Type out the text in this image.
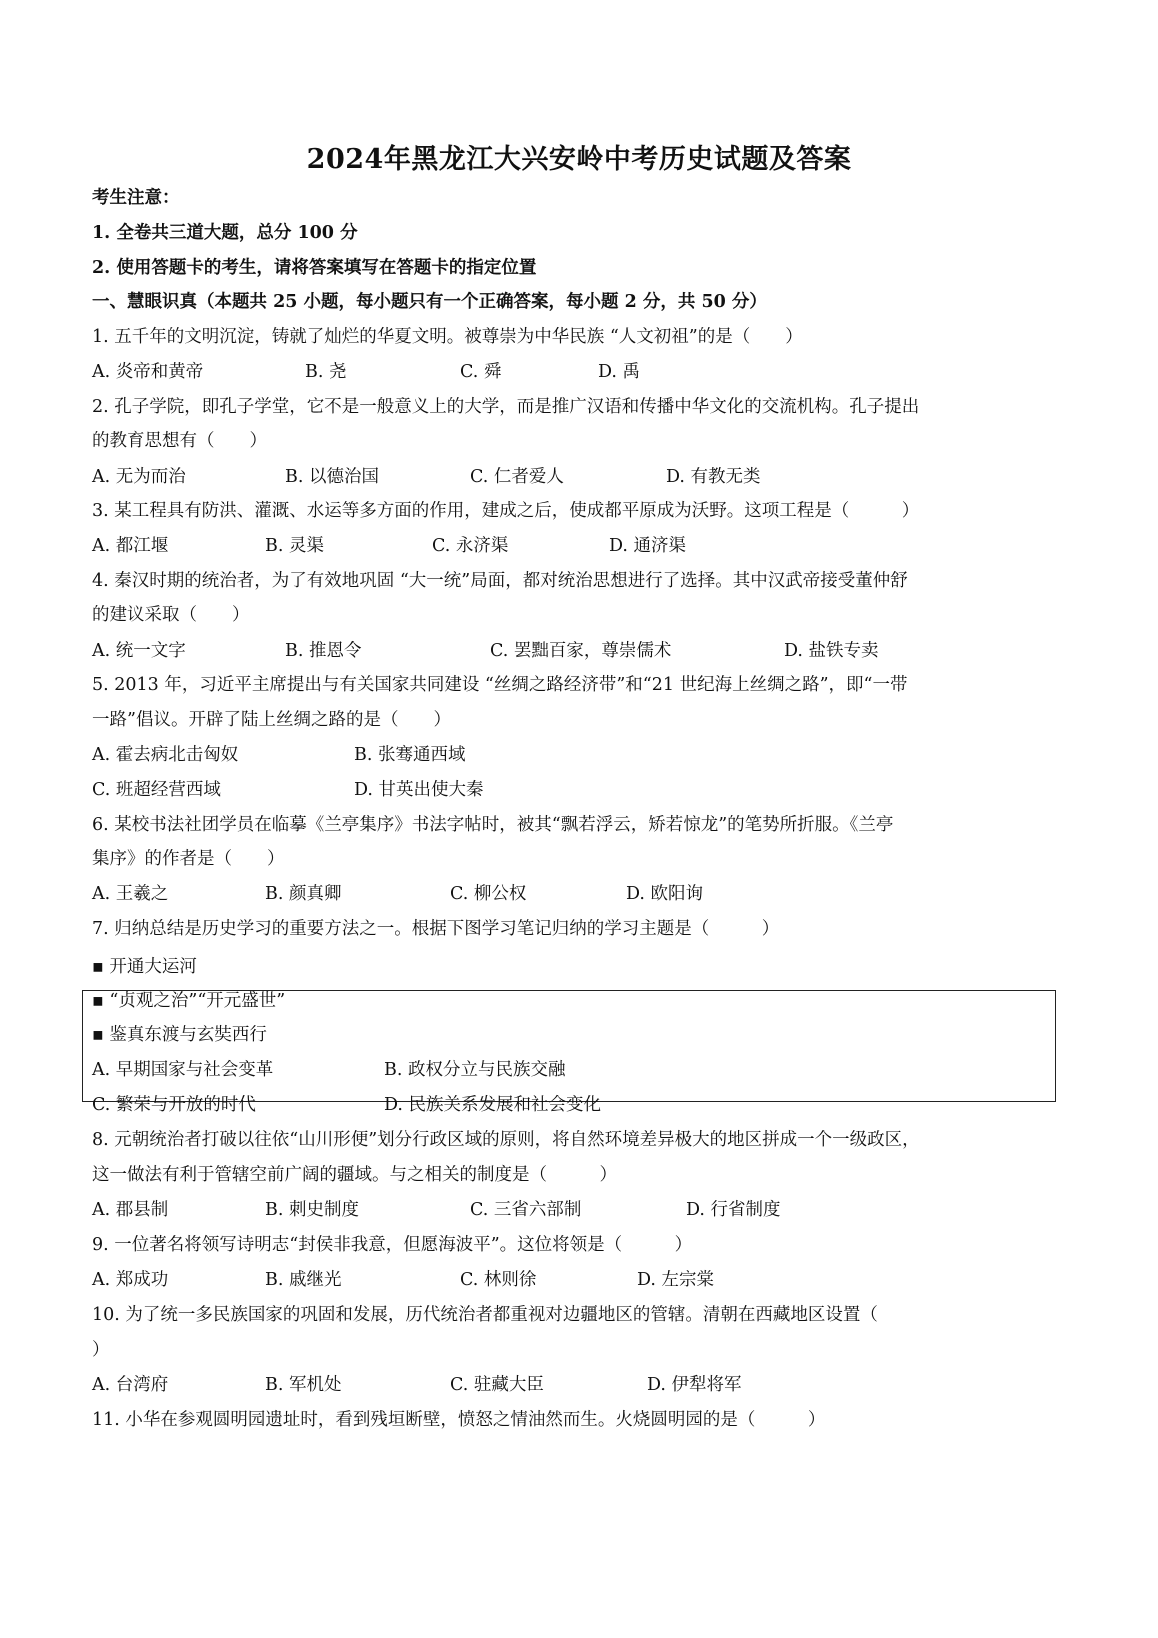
2024年黑龙江大兴安岭中考历史试题及答案
考生注意：
1. 全卷共三道大题，总分 100 分
2. 使用答题卡的考生，请将答案填写在答题卡的指定位置
一、慧眼识真（本题共 25 小题，每小题只有一个正确答案，每小题 2 分，共 50 分）
1. 五千年的文明沉淀，铸就了灿烂的华夏文明。被尊崇为中华民族 “人文初祖”的是（　　）
A. 炎帝和黄帝	B. 尧	C. 舜	D. 禹
2. 孔子学院，即孔子学堂，它不是一般意义上的大学，而是推广汉语和传播中华文化的交流机构。孔子提出
的教育思想有（　　）
A. 无为而治	B. 以德治国	C. 仁者爱人	D. 有教无类
3. 某工程具有防洪、灌溉、水运等多方面的作用，建成之后，使成都平原成为沃野。这项工程是（　　　）
A. 都江堰	B. 灵渠	C. 永济渠	D. 通济渠
4. 秦汉时期的统治者，为了有效地巩固 “大一统”局面，都对统治思想进行了选择。其中汉武帝接受董仲舒
的建议采取（　　）
A. 统一文字	B. 推恩令	C. 罢黜百家，尊崇儒术	D. 盐铁专卖
5. 2013 年，习近平主席提出与有关国家共同建设 “丝绸之路经济带”和“21 世纪海上丝绸之路”，即“一带
一路”倡议。开辟了陆上丝绸之路的是（　　）
A. 霍去病北击匈奴	B. 张骞通西域
C. 班超经营西域	D. 甘英出使大秦
6. 某校书法社团学员在临摹《兰亭集序》书法字帖时，被其“飘若浮云，矫若惊龙”的笔势所折服。《兰亭
集序》的作者是（　　）
A. 王羲之	B. 颜真卿	C. 柳公权	D. 欧阳询
7. 归纳总结是历史学习的重要方法之一。根据下图学习笔记归纳的学习主题是（　　　）
▪ 开通大运河
▪ “贞观之治”“开元盛世”
▪ 鉴真东渡与玄奘西行
A. 早期国家与社会变革	B. 政权分立与民族交融
C. 繁荣与开放的时代	D. 民族关系发展和社会变化
8. 元朝统治者打破以往依“山川形便”划分行政区域的原则，将自然环境差异极大的地区拼成一个一级政区，
这一做法有利于管辖空前广阔的疆域。与之相关的制度是（　　　）
A. 郡县制	B. 刺史制度	C. 三省六部制	D. 行省制度
9. 一位著名将领写诗明志“封侯非我意，但愿海波平”。这位将领是（　　　）
A. 郑成功	B. 戚继光	C. 林则徐	D. 左宗棠
10. 为了统一多民族国家的巩固和发展，历代统治者都重视对边疆地区的管辖。清朝在西藏地区设置（
）
A. 台湾府	B. 军机处	C. 驻藏大臣	D. 伊犁将军
11. 小华在参观圆明园遗址时，看到残垣断壁，愤怒之情油然而生。火烧圆明园的是（　　　）
